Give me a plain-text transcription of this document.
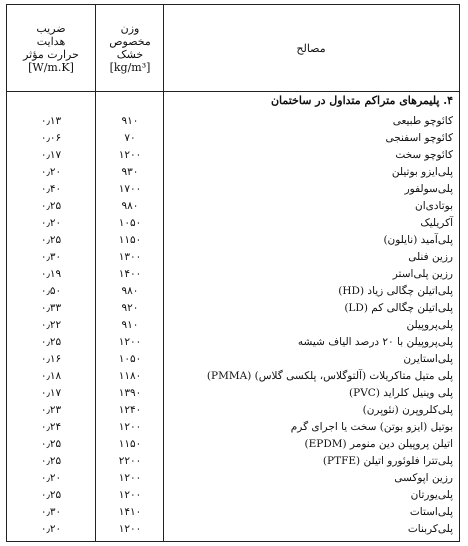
مصالح
وزن
مخصوص
خشک
[kg/m³]
ضریب
هدایت
حرارت مؤثر
[W/m.K]
۴. پلیمرهای متراکم متداول در ساختمان
کائوچو طبیعی
۹۱۰
۰٫۱۳
کائوچو اسفنجی
۷۰
۰٫۰۶
کائوچو سخت
۱۲۰۰
۰٫۱۷
پلی‌ایزو بوتیلن
۹۳۰
۰٫۲۰
پلی‌سولفور
۱۷۰۰
۰٫۴۰
بوتادی‌ان
۹۸۰
۰٫۲۵
آکریلیک
۱۰۵۰
۰٫۲۰
پلی‌آمید (نایلون)
۱۱۵۰
۰٫۲۵
رزین فنلی
۱۳۰۰
۰٫۳۰
رزین پلی‌استر
۱۴۰۰
۰٫۱۹
پلی‌اتیلن چگالی زیاد (HD)
۹۸۰
۰٫۵۰
پلی‌اتیلن چگالی کم (LD)
۹۲۰
۰٫۳۳
پلی‌پروپیلن
۹۱۰
۰٫۲۲
پلی‌پروپیلن با ۲۰ درصد الیاف شیشه
۱۲۰۰
۰٫۲۵
پلی‌استایرن
۱۰۵۰
۰٫۱۶
پلی متیل متاکریلات (آلتوگلاس، پلکسی گلاس) (PMMA)
۱۱۸۰
۰٫۱۸
پلی وینیل کلراید (PVC)
۱۳۹۰
۰٫۱۷
پلی‌کلروپرن (نئوپرن)
۱۲۴۰
۰٫۲۳
بوتیل (ایزو بوتن) سخت یا اجرای گرم
۱۲۰۰
۰٫۲۴
اتیلن پروپیلن دین منومر (EPDM)
۱۱۵۰
۰٫۲۵
پلی‌تترا فلوئورو اتیلن (PTFE)
۲۲۰۰
۰٫۲۵
رزین اپوکسی
۱۲۰۰
۰٫۲۰
پلی‌یورتان
۱۲۰۰
۰٫۲۵
پلی‌استات
۱۴۱۰
۰٫۳۰
پلی‌کربنات
۱۲۰۰
۰٫۲۰
